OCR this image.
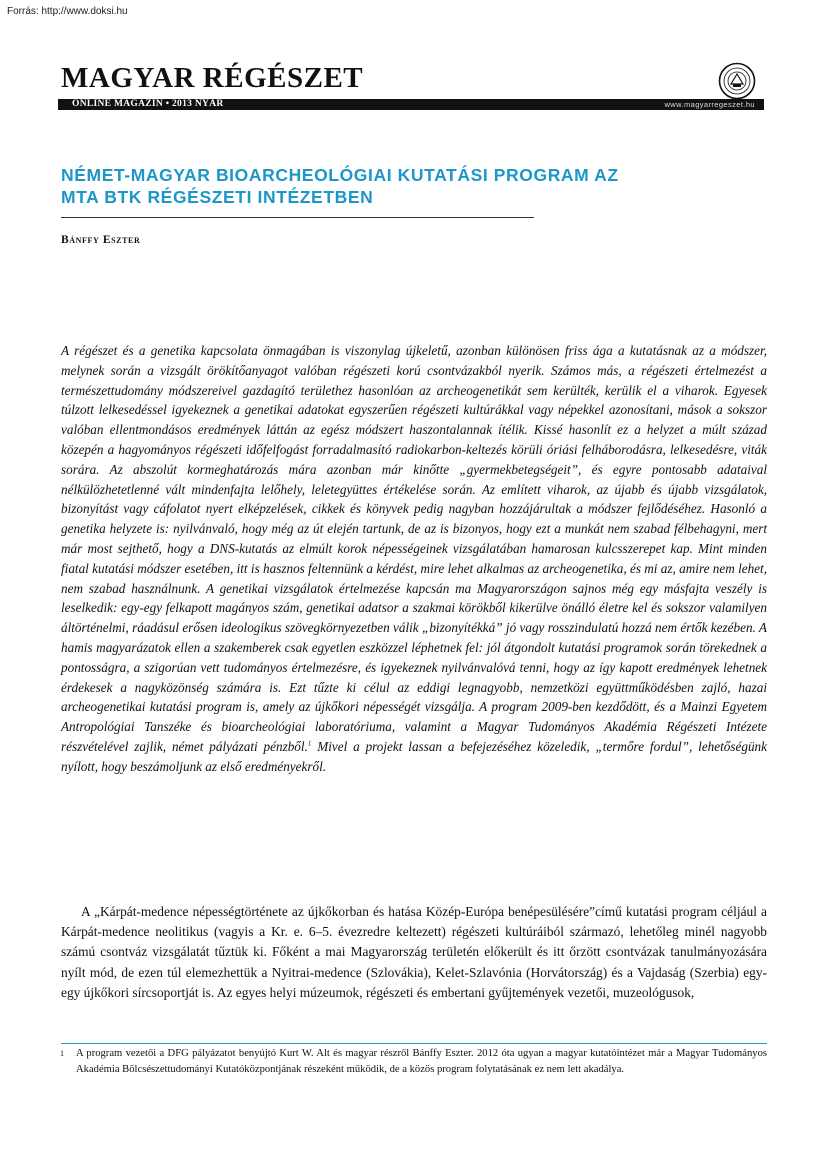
Forrás: http://www.doksi.hu
MAGYAR RÉGÉSZET
ONLINE MAGAZIN • 2013 NYÁR	www.magyarregeszet.hu
NÉMET-MAGYAR BIOARCHEOLÓGIAI KUTATÁSI PROGRAM AZ MTA BTK RÉGÉSZETI INTÉZETBEN
Bánffy Eszter

A régészet és a genetika kapcsolata önmagában is viszonylag újkeletű, azonban különösen friss ága a kutatásnak az a módszer, melynek során a vizsgált örökítőanyagot valóban régészeti korú csontvázakból nyerik. Számos más, a régészeti értelmezést a természettudomány módszereivel gazdagító területhez hasonlóan az archeogenetikát sem kerülték, kerülik el a viharok. Egyesek túlzott lelkesedéssel igyekeznek a genetikai adatokat egyszerűen régészeti kultúrákkal vagy népekkel azonosítani, mások a sokszor valóban ellentmondásos eredmények láttán az egész módszert haszontalannak ítélik. Kissé hasonlít ez a helyzet a múlt század közepén a hagyományos régészeti időfelfogást forradalmasító radiokarbon-keltezés körüli óriási felháborodásra, lelkesedésre, viták sorára. Az abszolút kormeghatározás mára azonban már kinőtte „gyermekbetegségeit”, és egyre pontosabb adataival nélkülözhetetlenné vált mindenfajta lelőhely, leletegyüttes értékelése során. Az említett viharok, az újabb és újabb vizsgálatok, bizonyítást vagy cáfolatot nyert elképzelések, cikkek és könyvek pedig nagyban hozzájárultak a módszer fejlődéséhez. Hasonló a genetika helyzete is: nyilvánvaló, hogy még az út elején tartunk, de az is bizonyos, hogy ezt a munkát nem szabad félbehagyni, mert már most sejthető, hogy a DNS-kutatás az elmúlt korok népességeinek vizsgálatában hamarosan kulcsszerepet kap. Mint minden fiatal kutatási módszer esetében, itt is hasznos feltennünk a kérdést, mire lehet alkalmas az archeogenetika, és mi az, amire nem lehet, nem szabad használnunk. A genetikai vizsgálatok értelmezése kapcsán ma Magyarországon sajnos még egy másfajta veszély is leselkedik: egy-egy felkapott magányos szám, genetikai adatsor a szakmai körökből kikerülve önálló életre kel és sokszor valamilyen áltörténelmi, ráadásul erősen ideologikus szövegkörnyezetben válik „bizonyítékká” jó vagy rosszindulatú hozzá nem értők kezében. A hamis magyarázatok ellen a szakemberek csak egyetlen eszközzel léphetnek fel: jól átgondolt kutatási programok során törekednek a pontosságra, a szigorúan vett tudományos értelmezésre, és igyekeznek nyilvánvalóvá tenni, hogy az így kapott eredmények lehetnek érdekesek a nagyközönség számára is. Ezt tűzte ki célul az eddigi legnagyobb, nemzetközi együttműködésben zajló, hazai archeogenetikai kutatási program is, amely az újkőkori népességét vizsgálja. A program 2009-ben kezdődött, és a Mainzi Egyetem Antropológiai Tanszéke és bioarcheológiai laboratóriuma, valamint a Magyar Tudományos Akadémia Régészeti Intézete részvételével zajlik, német pályázati pénzből.$^1$ Mivel a projekt lassan a befejezéséhez közeledik, „termőre fordul”, lehetőségünk nyílott, hogy beszámoljunk az első eredményekről.

A „Kárpát-medence népességtörténete az újkőkorban és hatása Közép-Európa benépesülésére”című kutatási program céljául a Kárpát-medence neolitikus (vagyis a Kr. e. 6–5. évezredre keltezett) régészeti kultúráiból származó, lehetőleg minél nagyobb számú csontváz vizsgálatát tűztük ki. Főként a mai Magyarország területén előkerült és itt őrzött csontvázak tanulmányozására nyílt mód, de ezen túl elemezhettük a Nyitrai-medence (Szlovákia), Kelet-Szlavónia (Horvátország) és a Vajdaság (Szerbia) egy-egy újkőkori sírcsoportját is. Az egyes helyi múzeumok, régészeti és embertani gyűjtemények vezetői, muzeológusok,

1 A program vezetői a DFG pályázatot benyújtó Kurt W. Alt és magyar részről Bánffy Eszter. 2012 óta ugyan a magyar kutatóintézet már a Magyar Tudományos Akadémia Bölcsészettudományi Kutatóközpontjának részeként működik, de a közös program folytatásának ez nem lett akadálya.
